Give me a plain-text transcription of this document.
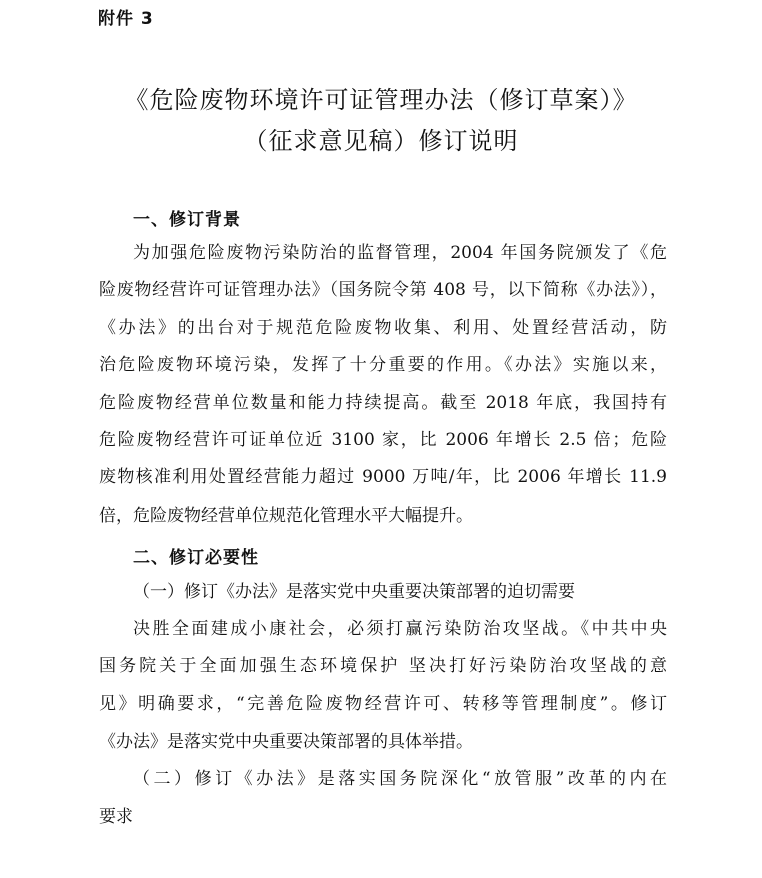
附件 3
《危险废物环境许可证管理办法（修订草案）》
（征求意见稿）修订说明
一、修订背景
为加强危险废物污染防治的监督管理，2004 年国务院颁发了《危
险废物经营许可证管理办法》（国务院令第 408 号，以下简称《办法》），
《办法》的出台对于规范危险废物收集、利用、处置经营活动，防
治危险废物环境污染，发挥了十分重要的作用。《办法》实施以来，
危险废物经营单位数量和能力持续提高。截至 2018 年底，我国持有
危险废物经营许可证单位近 3100 家，比 2006 年增长 2.5 倍；危险
废物核准利用处置经营能力超过 9000 万吨/年，比 2006 年增长 11.9
倍，危险废物经营单位规范化管理水平大幅提升。
二、修订必要性
（一）修订《办法》是落实党中央重要决策部署的迫切需要
决胜全面建成小康社会，必须打赢污染防治攻坚战。《中共中央
国务院关于全面加强生态环境保护 坚决打好污染防治攻坚战的意
见》明确要求，“完善危险废物经营许可、转移等管理制度”。修订
《办法》是落实党中央重要决策部署的具体举措。
（二）修订《办法》是落实国务院深化“放管服”改革的内在
要求
